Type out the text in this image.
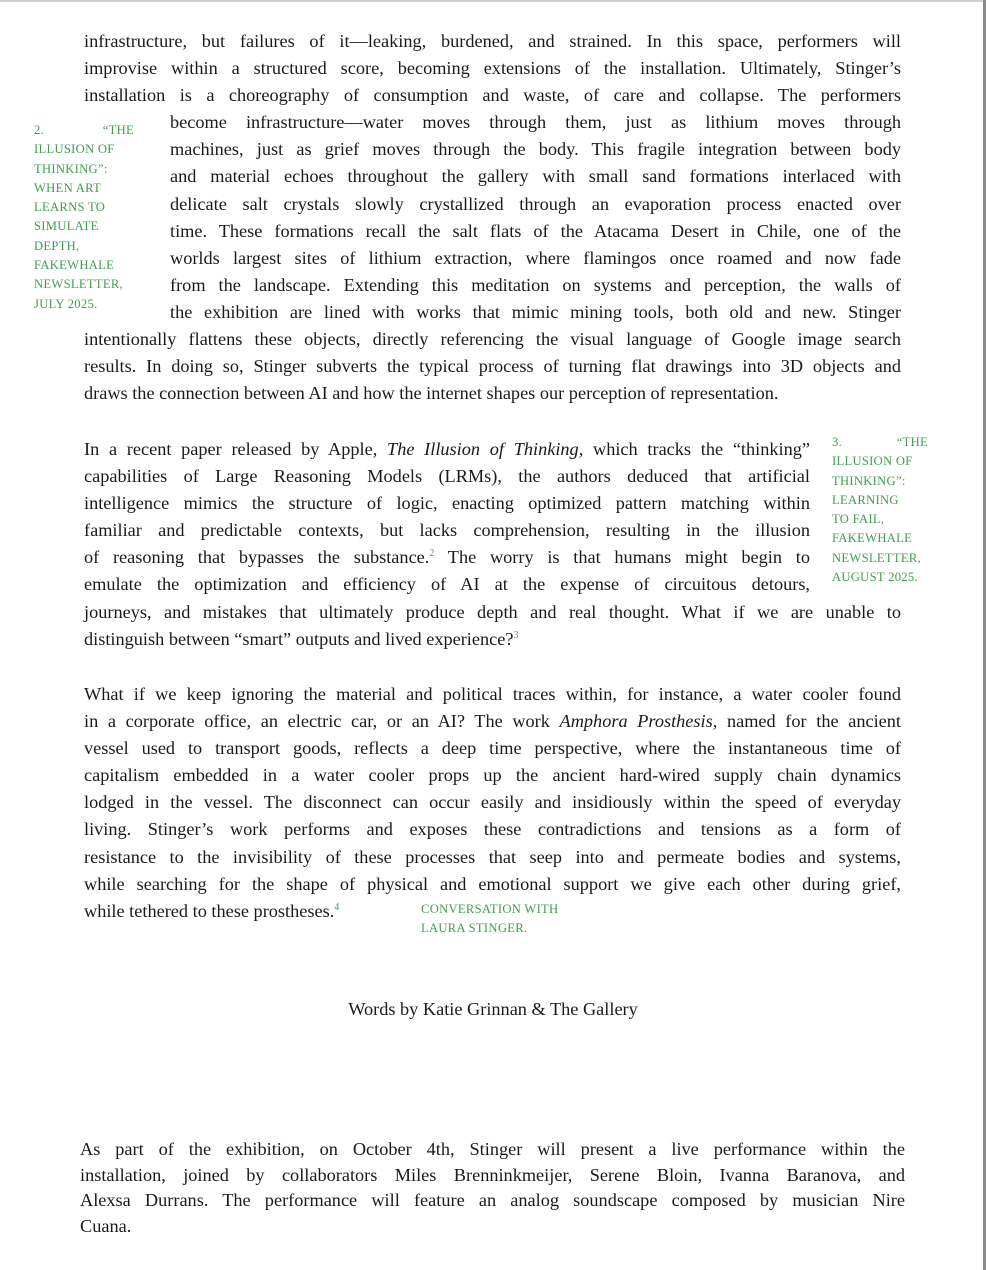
infrastructure, but failures of it—leaking, burdened, and strained. In this space, performers will
improvise within a structured score, becoming extensions of the installation. Ultimately, Stinger’s
installation is a choreography of consumption and waste, of care and collapse. The performers
become infrastructure—water moves through them, just as lithium moves through
machines, just as grief moves through the body. This fragile integration between body
and material echoes throughout the gallery with small sand formations interlaced with
delicate salt crystals slowly crystallized through an evaporation process enacted over
time. These formations recall the salt flats of the Atacama Desert in Chile, one of the
worlds largest sites of lithium extraction, where flamingos once roamed and now fade
from the landscape. Extending this meditation on systems and perception, the walls of
the exhibition are lined with works that mimic mining tools, both old and new. Stinger
intentionally flattens these objects, directly referencing the visual language of Google image search
results. In doing so, Stinger subverts the typical process of turning flat drawings into 3D objects and
draws the connection between AI and how the internet shapes our perception of representation.
2.	“THE
ILLUSION OF
THINKING”:
WHEN ART
LEARNS TO
SIMULATE
DEPTH,
FAKEWHALE
NEWSLETTER,
JULY 2025.
In a recent paper released by Apple, The Illusion of Thinking, which tracks the “thinking”
capabilities of Large Reasoning Models (LRMs), the authors deduced that artificial
intelligence mimics the structure of logic, enacting optimized pattern matching within
familiar and predictable contexts, but lacks comprehension, resulting in the illusion
of reasoning that bypasses the substance.$^2$ The worry is that humans might begin to
emulate the optimization and efficiency of AI at the expense of circuitous detours,
journeys, and mistakes that ultimately produce depth and real thought. What if we are unable to
distinguish between “smart” outputs and lived experience?$^3$
3.	“THE
ILLUSION OF
THINKING”:
LEARNING
TO FAIL,
FAKEWHALE
NEWSLETTER,
AUGUST 2025.
What if we keep ignoring the material and political traces within, for instance, a water cooler found
in a corporate office, an electric car, or an AI? The work Amphora Prosthesis, named for the ancient
vessel used to transport goods, reflects a deep time perspective, where the instantaneous time of
capitalism embedded in a water cooler props up the ancient hard-wired supply chain dynamics
lodged in the vessel. The disconnect can occur easily and insidiously within the speed of everyday
living. Stinger’s work performs and exposes these contradictions and tensions as a form of
resistance to the invisibility of these processes that seep into and permeate bodies and systems,
while searching for the shape of physical and emotional support we give each other during grief,
while tethered to these prostheses.$^4$	CONVERSATION WITH
LAURA STINGER.

Words by Katie Grinnan & The Gallery

As part of the exhibition, on October 4th, Stinger will present a live performance within the
installation, joined by collaborators Miles Brenninkmeijer, Serene Bloin, Ivanna Baranova, and
Alexsa Durrans. The performance will feature an analog soundscape composed by musician Nire
Cuana.
